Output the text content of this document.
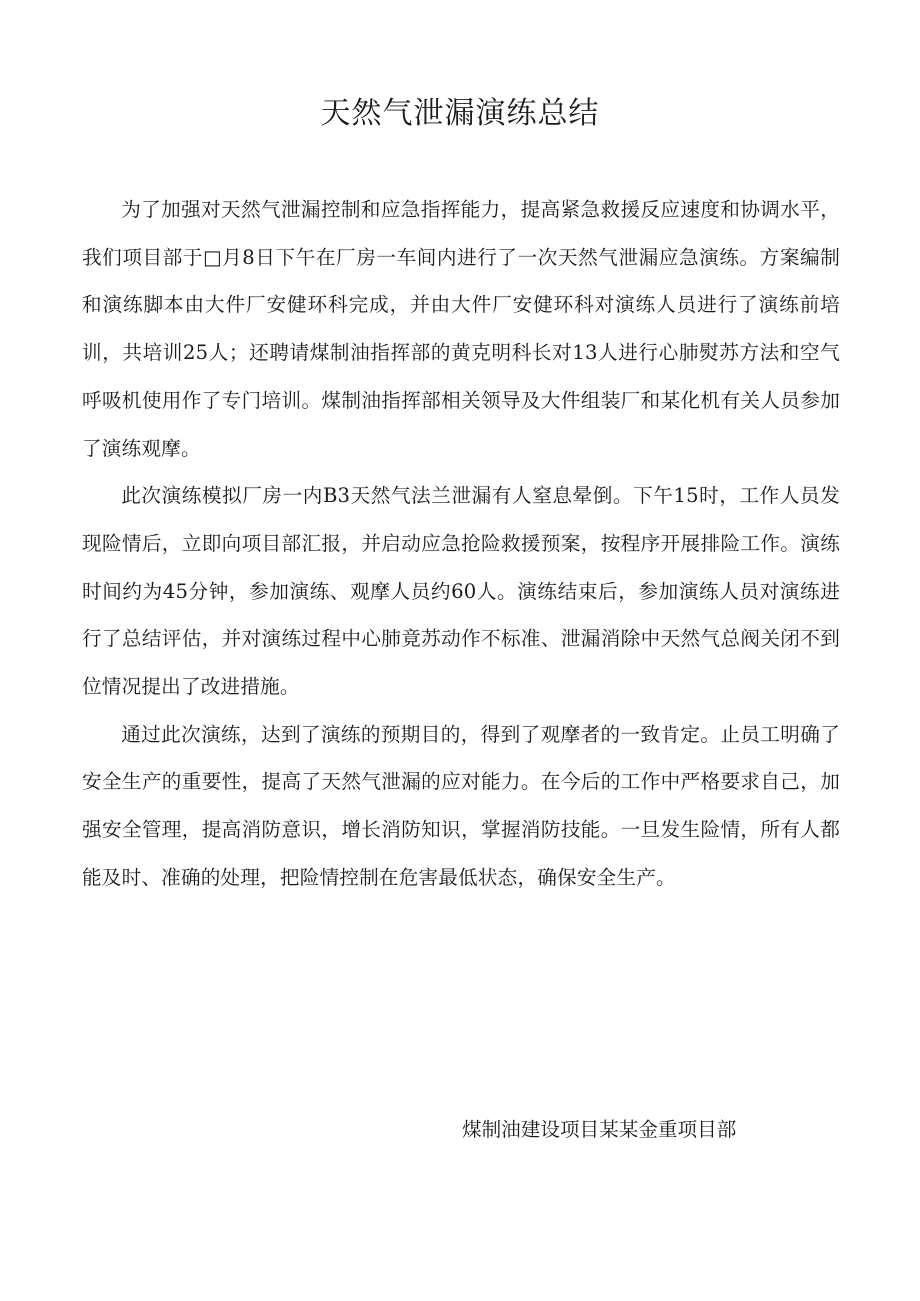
天然气泄漏演练总结

为了加强对天然气泄漏控制和应急指挥能力，提高紧急救援反应速度和协调水平，我们项目部于□月8日下午在厂房一车间内进行了一次天然气泄漏应急演练。方案编制和演练脚本由大件厂安健环科完成，并由大件厂安健环科对演练人员进行了演练前培训，共培训25人；还聘请煤制油指挥部的黄克明科长对13人进行心肺熨苏方法和空气呼吸机使用作了专门培训。煤制油指挥部相关领导及大件组装厂和某化机有关人员参加了演练观摩。

此次演练模拟厂房一内B3天然气法兰泄漏有人窒息晕倒。下午15时，工作人员发现险情后，立即向项目部汇报，并启动应急抢险救援预案，按程序开展排险工作。演练时间约为45分钟，参加演练、观摩人员约60人。演练结束后，参加演练人员对演练进行了总结评估，并对演练过程中心肺竟苏动作不标准、泄漏消除中天然气总阀关闭不到位情况提出了改进措施。

通过此次演练，达到了演练的预期目的，得到了观摩者的一致肯定。止员工明确了安全生产的重要性，提高了天然气泄漏的应对能力。在今后的工作中严格要求自己，加强安全管理，提高消防意识，增长消防知识，掌握消防技能。一旦发生险情，所有人都能及时、准确的处理，把险情控制在危害最低状态，确保安全生产。

煤制油建设项目某某金重项目部
